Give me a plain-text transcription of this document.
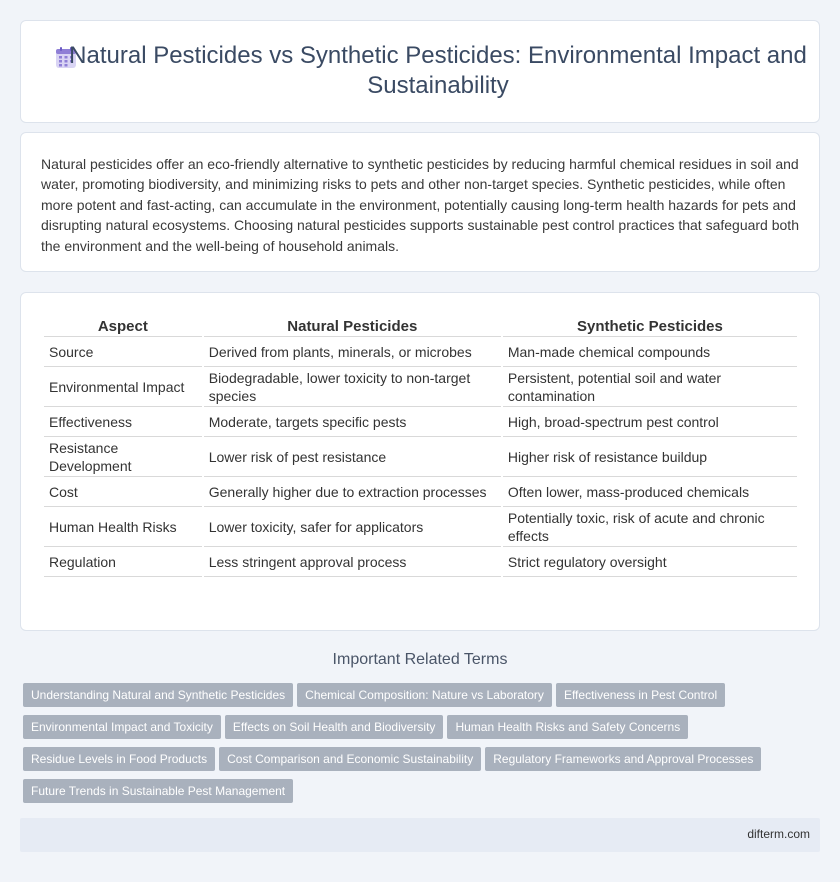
Natural Pesticides vs Synthetic Pesticides: Environmental Impact and Sustainability

Natural pesticides offer an eco-friendly alternative to synthetic pesticides by reducing harmful chemical residues in soil and water, promoting biodiversity, and minimizing risks to pets and other non-target species. Synthetic pesticides, while often more potent and fast-acting, can accumulate in the environment, potentially causing long-term health hazards for pets and disrupting natural ecosystems. Choosing natural pesticides supports sustainable pest control practices that safeguard both the environment and the well-being of household animals.

Aspect	Natural Pesticides	Synthetic Pesticides
Source	Derived from plants, minerals, or microbes	Man-made chemical compounds
Environmental Impact	Biodegradable, lower toxicity to non-target species	Persistent, potential soil and water contamination
Effectiveness	Moderate, targets specific pests	High, broad-spectrum pest control
Resistance Development	Lower risk of pest resistance	Higher risk of resistance buildup
Cost	Generally higher due to extraction processes	Often lower, mass-produced chemicals
Human Health Risks	Lower toxicity, safer for applicators	Potentially toxic, risk of acute and chronic effects
Regulation	Less stringent approval process	Strict regulatory oversight
Important Related Terms
Understanding Natural and Synthetic Pesticides Chemical Composition: Nature vs Laboratory Effectiveness in Pest Control
Environmental Impact and Toxicity Effects on Soil Health and Biodiversity Human Health Risks and Safety Concerns
Residue Levels in Food Products Cost Comparison and Economic Sustainability Regulatory Frameworks and Approval Processes
Future Trends in Sustainable Pest Management
difterm.com
